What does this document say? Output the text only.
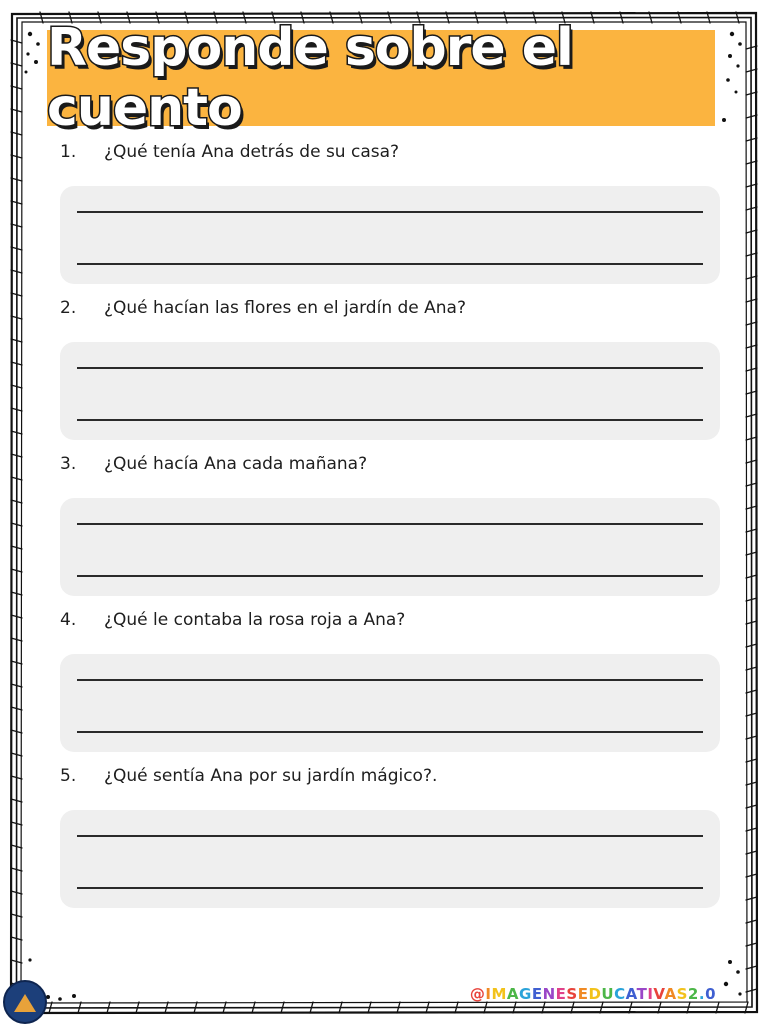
Responde sobre el cuento
1.	¿Qué tenía Ana detrás de su casa?
2.	¿Qué hacían las flores en el jardín de Ana?
3.	¿Qué hacía Ana cada mañana?
4.	¿Qué le contaba la rosa roja a Ana?
5.	¿Qué sentía Ana por su jardín mágico?.
@IMAGENESEDUCATIVAS2.0
